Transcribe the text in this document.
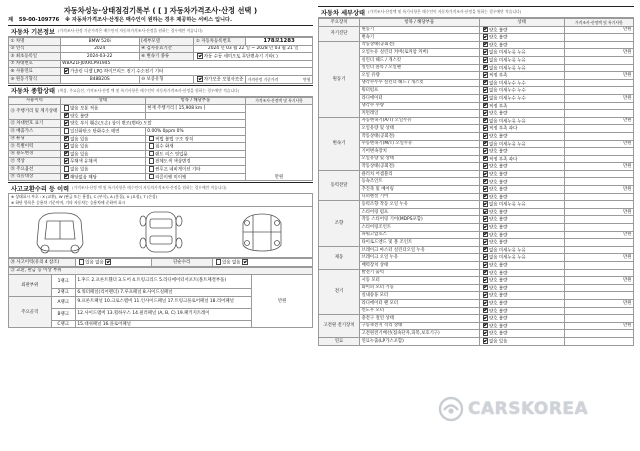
자동차성능·상태점검기록부 ( [ ] 자동차가격조사·산정 선택 )
제 59-00-109776 ※ 자동차가격조사·산정은 매수인이 원하는 경우 제공하는 서비스 입니다.
자동차 기본정보 (가격조사·산정 기준가격은 매수인이 자동차가격조사·산정을 원하는 경우에만 적습니다)
① 차명	BMW 520i	[세부모델	② 자동차등록번호	178보1283
③ 연식	2024	④ 검사유효기간	2024 년 03 월 22 일 ~ 2028 년 03 월 21 일	
⑤ 최초등록일	2024-03-22	⑥ 변속기 종류	자동 수동 세미오토 무단변속기 기타( )	
⑦ 차대번호	WBA21FJ0XRCP91945			
⑧ 사용연료	가솔린 디젤 LPG 하이브리드 전기 수소전기 기타			
⑨ 원동기형식	B48B20S	⑩ 보증유형	자가보증 보험사보증	가격산정 기준가격 만원
자동차 종합상태 (색상, 주요옵션, 가격조사·산정 액 및 특기사항은 매수인이 자동차가격조사·산정을 원하는 경우에만 적습니다)
사용이력	상태	항목 / 해당부품	가격조사·산정액 및 특기사항
⑪ 주행거리 및 계기상태	많음 보통 적음	현재 주행거리 [ 15,908 km ]	만원
	양호 불량		
⑫ 차대번호 표기	양호 부식 훼손(오손) 상이 변조(변타) 도말		
⑬ 배출가스	일산화탄소 탄화수소 매연	0.00% 0ppm 0%	
⑭ 튜닝	없음 있음	적법 불법 구조 장치	
⑮ 특별이력	없음 있음	침수 화재	
⑯ 용도변경	없음 있음	렌트 리스 영업용	
⑰ 색상	무채색 유채색	전체도색 색상변경	
⑱ 주요옵션	없음 있음	썬루프 네비게이션 기타	
⑲ 리콜대상	해당없음 해당	리콜이행 미이행	
사고교환수리 등 이력 (가격조사·산정 액 및 특기사항은 매수인이 자동차가격조사·산정을 원하는 경우에만 적습니다)
※ 상태표시 부호 : X (교환), W (판금 또는 용접), C (부식), A (흠집), U (요철), T (손상)
※ 하단 항목은 승용차 기준이며, 기타 자동차는 승용차에 준하여 표시
⑳ 사고이력(유의 4 참조)	있음 없음	단순수리	있음 없음
㉑ 교환, 판금 등 이상 부위			
외판부위	1랭크	1.후드 2.프론트휀더 3.도어 4.트렁크리드 5.라디에이터서포트(볼트체결부품)	만원
	2랭크	6.쿼터패널(리어펜더) 7.루프패널 8.사이드실패널	
주요골격	A랭크	9.프론트패널 10.크로스멤버 11.인사이드패널 17.트렁크플로어패널 18.리어패널	
	B랭크	12.사이드멤버 13.휠하우스 14.필러패널 (A, B, C) 19.패키지트레이	
	C랭크	15.대쉬패널 16.플로어패널	
자동차 세부상태 (가격조사·산정액 및 특기사항은 매수인이 자동차가격조사·산정을 원하는 경우에만 적습니다)
주요장치	항목 / 해당부품	상태	가격조사·산정액 및 특기사항
자기진단	원동기	양호 불량	만원
	변속기	양호 불량	
원동기	작동상태(공회전)	양호 불량	
	오일누유 실린더 커버(로커암 커버)	없음 미세누유 누유	만원
	실린더 헤드 / 개스킷	없음 미세누유 누유	
	실린더 블록 / 오일팬	없음 미세누유 누유	
	오일 유량	적정 부족	만원
	냉각수누수 실린더 헤드 / 개스킷	없음 미세누수 누수	
	워터펌프	없음 미세누수 누수	
	라디에이터	없음 미세누수 누수	만원
	냉각수 수량	적정 부족	
	커먼레일	양호 불량	
변속기	자동변속기(A/T) 오일누유	없음 미세누유 누유	만원
	오일유량 및 상태	적정 부족 과다	
	작동상태(공회전)	양호 불량	
	수동변속기(M/T) 오일누유	없음 미세누유 누유	만원
	기어변속장치	양호 불량	
	오일유량 및 상태	적정 부족 과다	
	작동상태(공회전)	양호 불량	만원
동력전달	클러치 어셈블리	양호 불량	
	등속조인트	양호 불량	
	추진축 및 베어링	양호 불량	만원
	디퍼렌셜 기어	양호 불량	
조향	동력조향 작동 오일 누유	없음 미세누유 누유	
	스티어링 펌프	양호 불량	만원
	작동 스티어링 기어(MDPS포함)	양호 불량	
	스티어링조인트	양호 불량	
	파워고압호스	양호 불량	만원
	타이로드엔드 및 볼 조인트	양호 불량	
제동	브레이크 마스터 실린더오일 누유	없음 미세누유 누유	
	브레이크 오일 누유	없음 미세누유 누유	만원
	배력장치 상태	양호 불량	
전기	발전기 출력	양호 불량	
	시동 모터	양호 불량	만원
	와이퍼 모터 기능	양호 불량	
	실내송풍 모터	양호 불량	
	라디에이터 팬 모터	양호 불량	만원
	윈도우 모터	양호 불량	
고전원 전기장치	충전구 절연 상태	양호 불량	
	구동축전지 격리 상태	양호 불량	만원
	고전원전기배선(접속단자,피복,보호기구)	양호 불량	
연료	연료누출(LP가스포함)	없음 있음	
CARSKOREA
